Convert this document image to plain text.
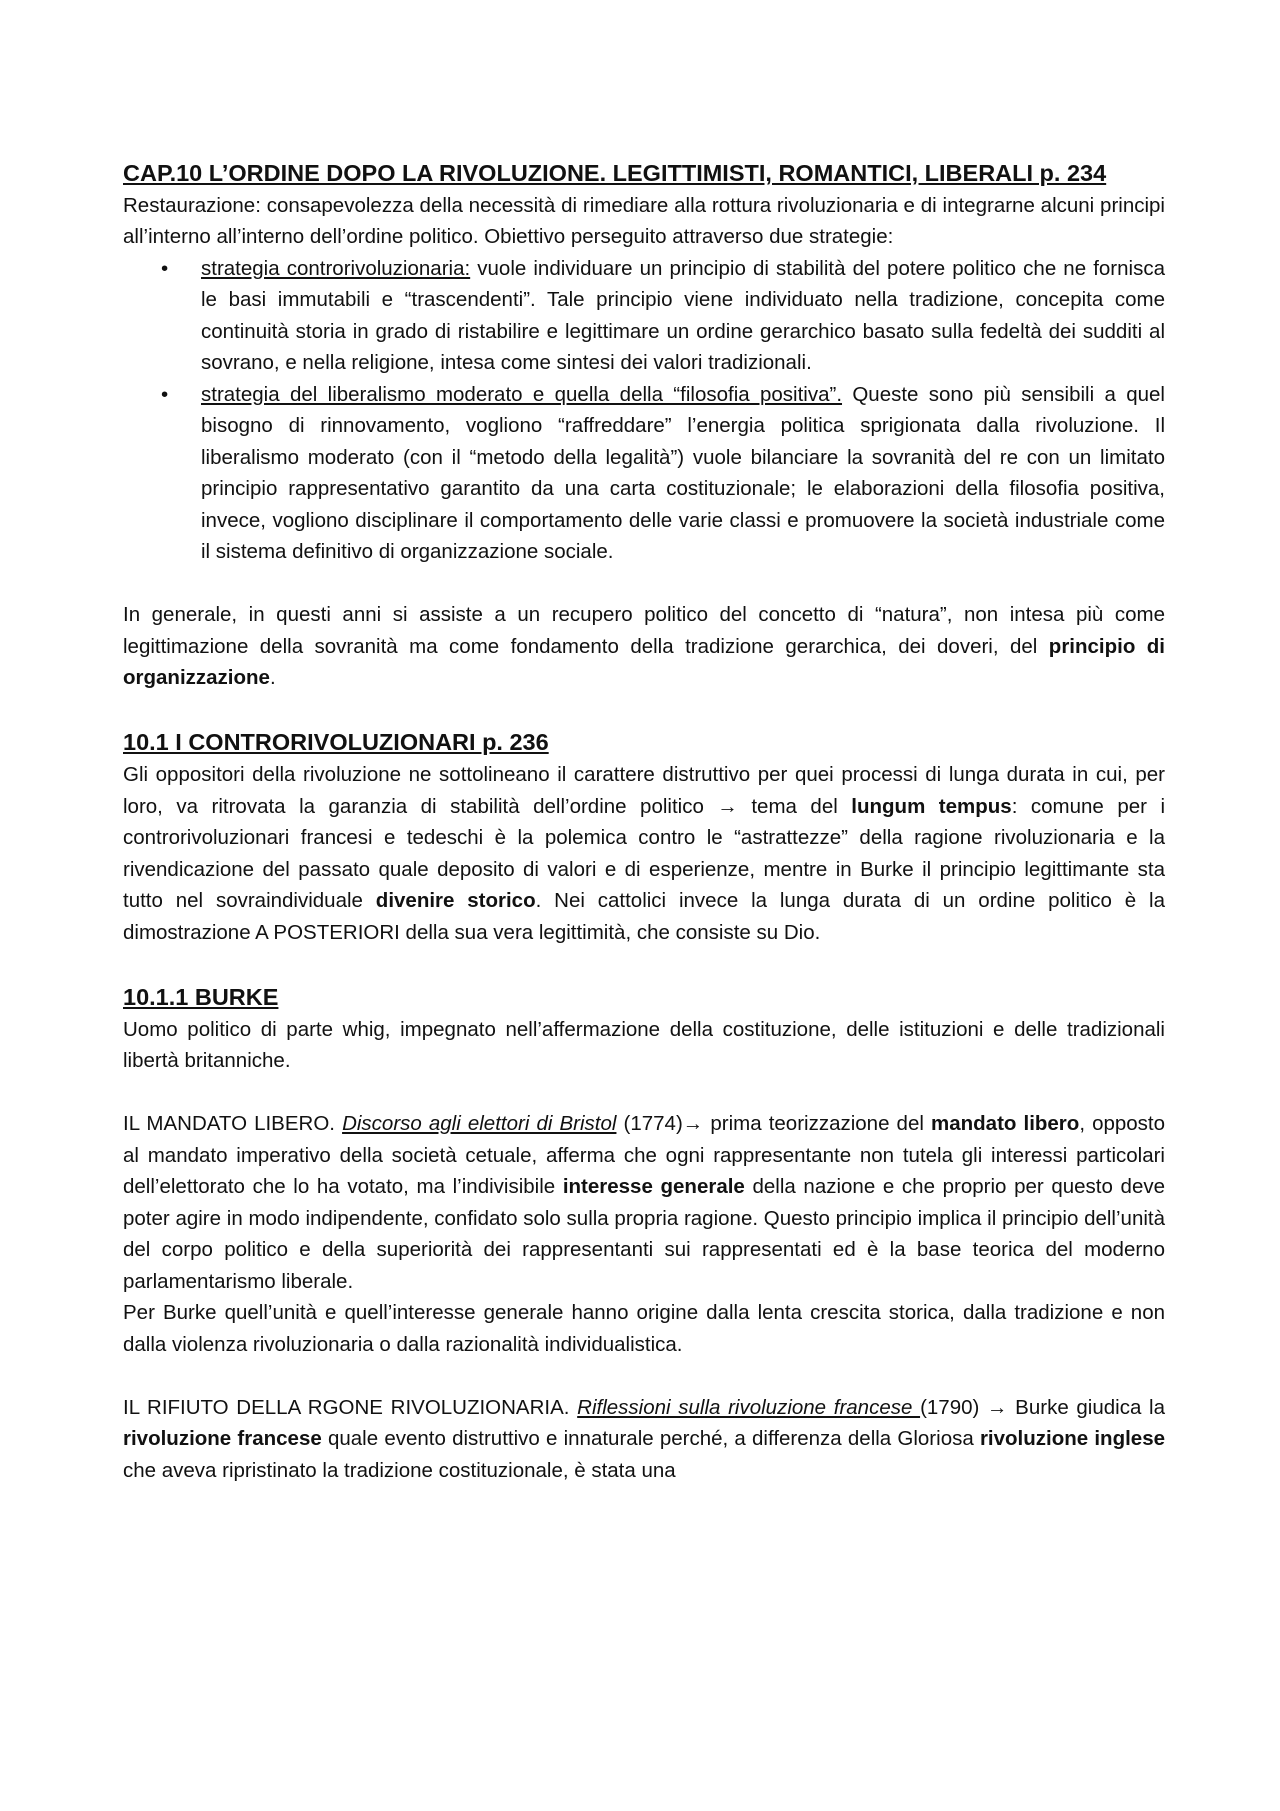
CAP.10 L’ORDINE DOPO LA RIVOLUZIONE. LEGITTIMISTI, ROMANTICI, LIBERALI p. 234

Restaurazione: consapevolezza della necessità di rimediare alla rottura rivoluzionaria e di integrarne alcuni principi all’interno all’interno dell’ordine politico. Obiettivo perseguito attraverso due strategie:

• strategia controrivoluzionaria: vuole individuare un principio di stabilità del potere politico che ne fornisca le basi immutabili e “trascendenti”. Tale principio viene individuato nella tradizione, concepita come continuità storia in grado di ristabilire e legittimare un ordine gerarchico basato sulla fedeltà dei sudditi al sovrano, e nella religione, intesa come sintesi dei valori tradizionali.
• strategia del liberalismo moderato e quella della “filosofia positiva”. Queste sono più sensibili a quel bisogno di rinnovamento, vogliono “raffreddare” l’energia politica sprigionata dalla rivoluzione. Il liberalismo moderato (con il “metodo della legalità”) vuole bilanciare la sovranità del re con un limitato principio rappresentativo garantito da una carta costituzionale; le elaborazioni della filosofia positiva, invece, vogliono disciplinare il comportamento delle varie classi e promuovere la società industriale come il sistema definitivo di organizzazione sociale.

In generale, in questi anni si assiste a un recupero politico del concetto di “natura”, non intesa più come legittimazione della sovranità ma come fondamento della tradizione gerarchica, dei doveri, del principio di organizzazione.

10.1 I CONTRORIVOLUZIONARI p. 236

Gli oppositori della rivoluzione ne sottolineano il carattere distruttivo per quei processi di lunga durata in cui, per loro, va ritrovata la garanzia di stabilità dell’ordine politico → tema del lungum tempus: comune per i controrivoluzionari francesi e tedeschi è la polemica contro le “astrattezze” della ragione rivoluzionaria e la rivendicazione del passato quale deposito di valori e di esperienze, mentre in Burke il principio legittimante sta tutto nel sovraindividuale divenire storico. Nei cattolici invece la lunga durata di un ordine politico è la dimostrazione A POSTERIORI della sua vera legittimità, che consiste su Dio.

10.1.1 BURKE

Uomo politico di parte whig, impegnato nell’affermazione della costituzione, delle istituzioni e delle tradizionali libertà britanniche.

IL MANDATO LIBERO. Discorso agli elettori di Bristol (1774)→ prima teorizzazione del mandato libero, opposto al mandato imperativo della società cetuale, afferma che ogni rappresentante non tutela gli interessi particolari dell’elettorato che lo ha votato, ma l’indivisibile interesse generale della nazione e che proprio per questo deve poter agire in modo indipendente, confidato solo sulla propria ragione. Questo principio implica il principio dell’unità del corpo politico e della superiorità dei rappresentanti sui rappresentati ed è la base teorica del moderno parlamentarismo liberale.

Per Burke quell’unità e quell’interesse generale hanno origine dalla lenta crescita storica, dalla tradizione e non dalla violenza rivoluzionaria o dalla razionalità individualistica.

IL RIFIUTO DELLA RGONE RIVOLUZIONARIA. Riflessioni sulla rivoluzione francese (1790) → Burke giudica la rivoluzione francese quale evento distruttivo e innaturale perché, a differenza della Gloriosa rivoluzione inglese che aveva ripristinato la tradizione costituzionale, è stata una
